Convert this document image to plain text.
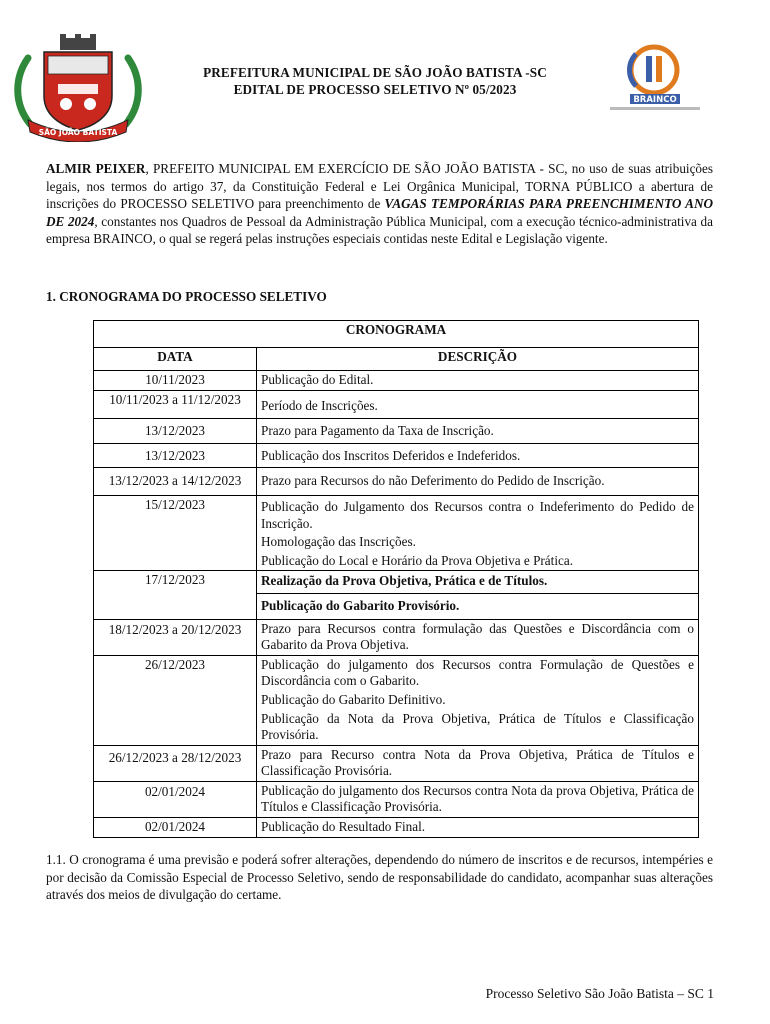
SÃO JOÃO BATISTA
PREFEITURA MUNICIPAL DE SÃO JOÃO BATISTA -SC
EDITAL DE PROCESSO SELETIVO Nº 05/2023
BRAINCO

ALMIR PEIXER, PREFEITO MUNICIPAL EM EXERCÍCIO DE SÃO JOÃO BATISTA - SC, no uso de suas atribuições legais, nos termos do artigo 37, da Constituição Federal e Lei Orgânica Municipal, TORNA PÚBLICO a abertura de inscrições do PROCESSO SELETIVO para preenchimento de VAGAS TEMPORÁRIAS PARA PREENCHIMENTO ANO DE 2024, constantes nos Quadros de Pessoal da Administração Pública Municipal, com a execução técnico-administrativa da empresa BRAINCO, o qual se regerá pelas instruções especiais contidas neste Edital e Legislação vigente.

1. CRONOGRAMA DO PROCESSO SELETIVO

CRONOGRAMA	
DATA	DESCRIÇÃO
10/11/2023	Publicação do Edital.
10/11/2023 a 11/12/2023	Período de Inscrições.
13/12/2023	Prazo para Pagamento da Taxa de Inscrição.
13/12/2023	Publicação dos Inscritos Deferidos e Indeferidos.
13/12/2023 a 14/12/2023	Prazo para Recursos do não Deferimento do Pedido de Inscrição.
15/12/2023	Publicação do Julgamento dos Recursos contra o Indeferimento do Pedido de Inscrição.
	Homologação das Inscrições.
	Publicação do Local e Horário da Prova Objetiva e Prática.
17/12/2023	Realização da Prova Objetiva, Prática e de Títulos.
	Publicação do Gabarito Provisório.
18/12/2023 a 20/12/2023	Prazo para Recursos contra formulação das Questões e Discordância com o Gabarito da Prova Objetiva.
26/12/2023	Publicação do julgamento dos Recursos contra Formulação de Questões e Discordância com o Gabarito.
	Publicação do Gabarito Definitivo.
	Publicação da Nota da Prova Objetiva, Prática de Títulos e Classificação Provisória.
26/12/2023 a 28/12/2023	Prazo para Recurso contra Nota da Prova Objetiva, Prática de Títulos e Classificação Provisória.
02/01/2024	Publicação do julgamento dos Recursos contra Nota da prova Objetiva, Prática de Títulos e Classificação Provisória.
02/01/2024	Publicação do Resultado Final.

1.1. O cronograma é uma previsão e poderá sofrer alterações, dependendo do número de inscritos e de recursos, intempéries e por decisão da Comissão Especial de Processo Seletivo, sendo de responsabilidade do candidato, acompanhar suas alterações através dos meios de divulgação do certame.

Processo Seletivo São João Batista – SC 1
